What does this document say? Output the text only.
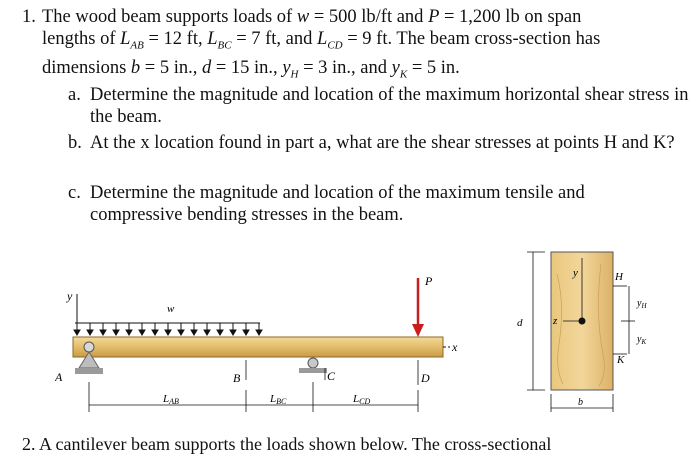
1. The wood beam supports loads of w = 500 lb/ft and P = 1,200 lb on span
lengths of $L_{AB} = 12$ ft, $L_{BC} = 7$ ft, and $L_{CD} = 9$ ft. The beam cross-section has
dimensions b = 5 in., d = 15 in., $y_H = 3$ in., and $y_K = 5$ in.
a. Determine the magnitude and location of the maximum horizontal shear stress in the beam.
b. At the x location found in part a, what are the shear stresses at points H and K?
c. Determine the magnitude and location of the maximum tensile and compressive bending stresses in the beam.
y
w
x
P
A	B	C	D
LAB	LBC	LCD
d
y
z
H
K
$y_H$
$y_K$
b
2. A cantilever beam supports the loads shown below. The cross-sectional
